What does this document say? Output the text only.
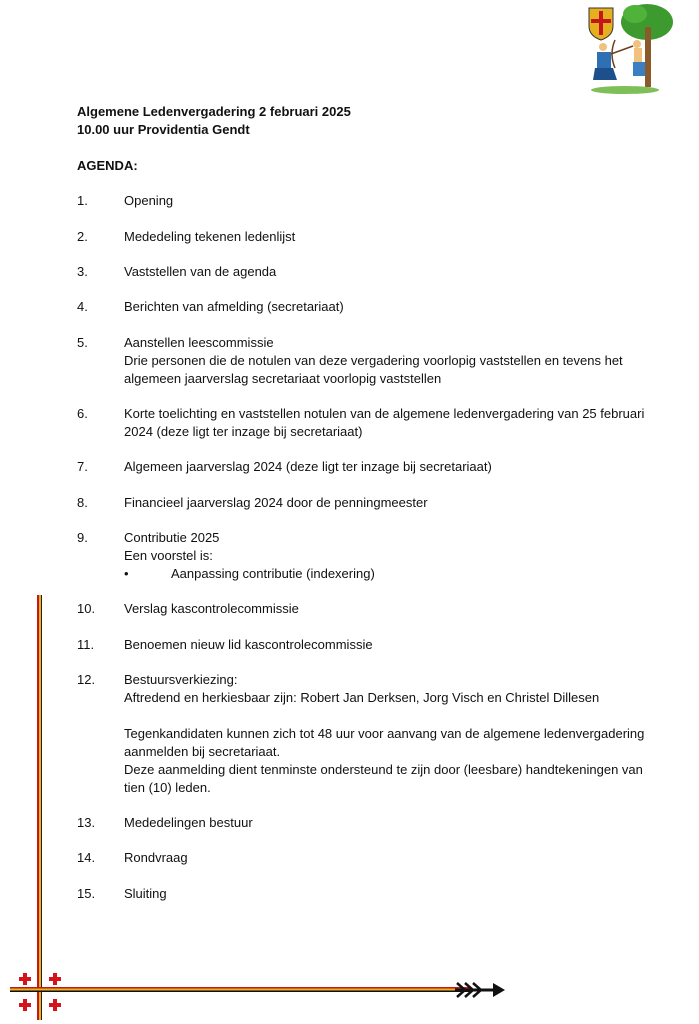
Algemene Ledenvergadering 2 februari 2025
10.00 uur Providentia Gendt
AGENDA:
1.	Opening
2.	Mededeling tekenen ledenlijst
3.	Vaststellen van de agenda
4.	Berichten van afmelding (secretariaat)
5.	Aanstellen leescommissie
Drie personen die de notulen van deze vergadering voorlopig vaststellen en tevens het
algemeen jaarverslag secretariaat voorlopig vaststellen
6.	Korte toelichting en vaststellen notulen van de algemene ledenvergadering van 25 februari
2024 (deze ligt ter inzage bij secretariaat)
7.	Algemeen jaarverslag 2024 (deze ligt ter inzage bij secretariaat)
8.	Financieel jaarverslag 2024 door de penningmeester
9.	Contributie 2025
Een voorstel is:
•	Aanpassing contributie (indexering)
10. Verslag kascontrolecommissie
11. Benoemen nieuw lid kascontrolecommissie
12. Bestuursverkiezing:
Aftredend en herkiesbaar zijn: Robert Jan Derksen, Jorg Visch en Christel Dillesen
Tegenkandidaten kunnen zich tot 48 uur voor aanvang van de algemene ledenvergadering
aanmelden bij secretariaat.
Deze aanmelding dient tenminste ondersteund te zijn door (leesbare) handtekeningen van
tien (10) leden.
13. Mededelingen bestuur
14. Rondvraag
15. Sluiting
